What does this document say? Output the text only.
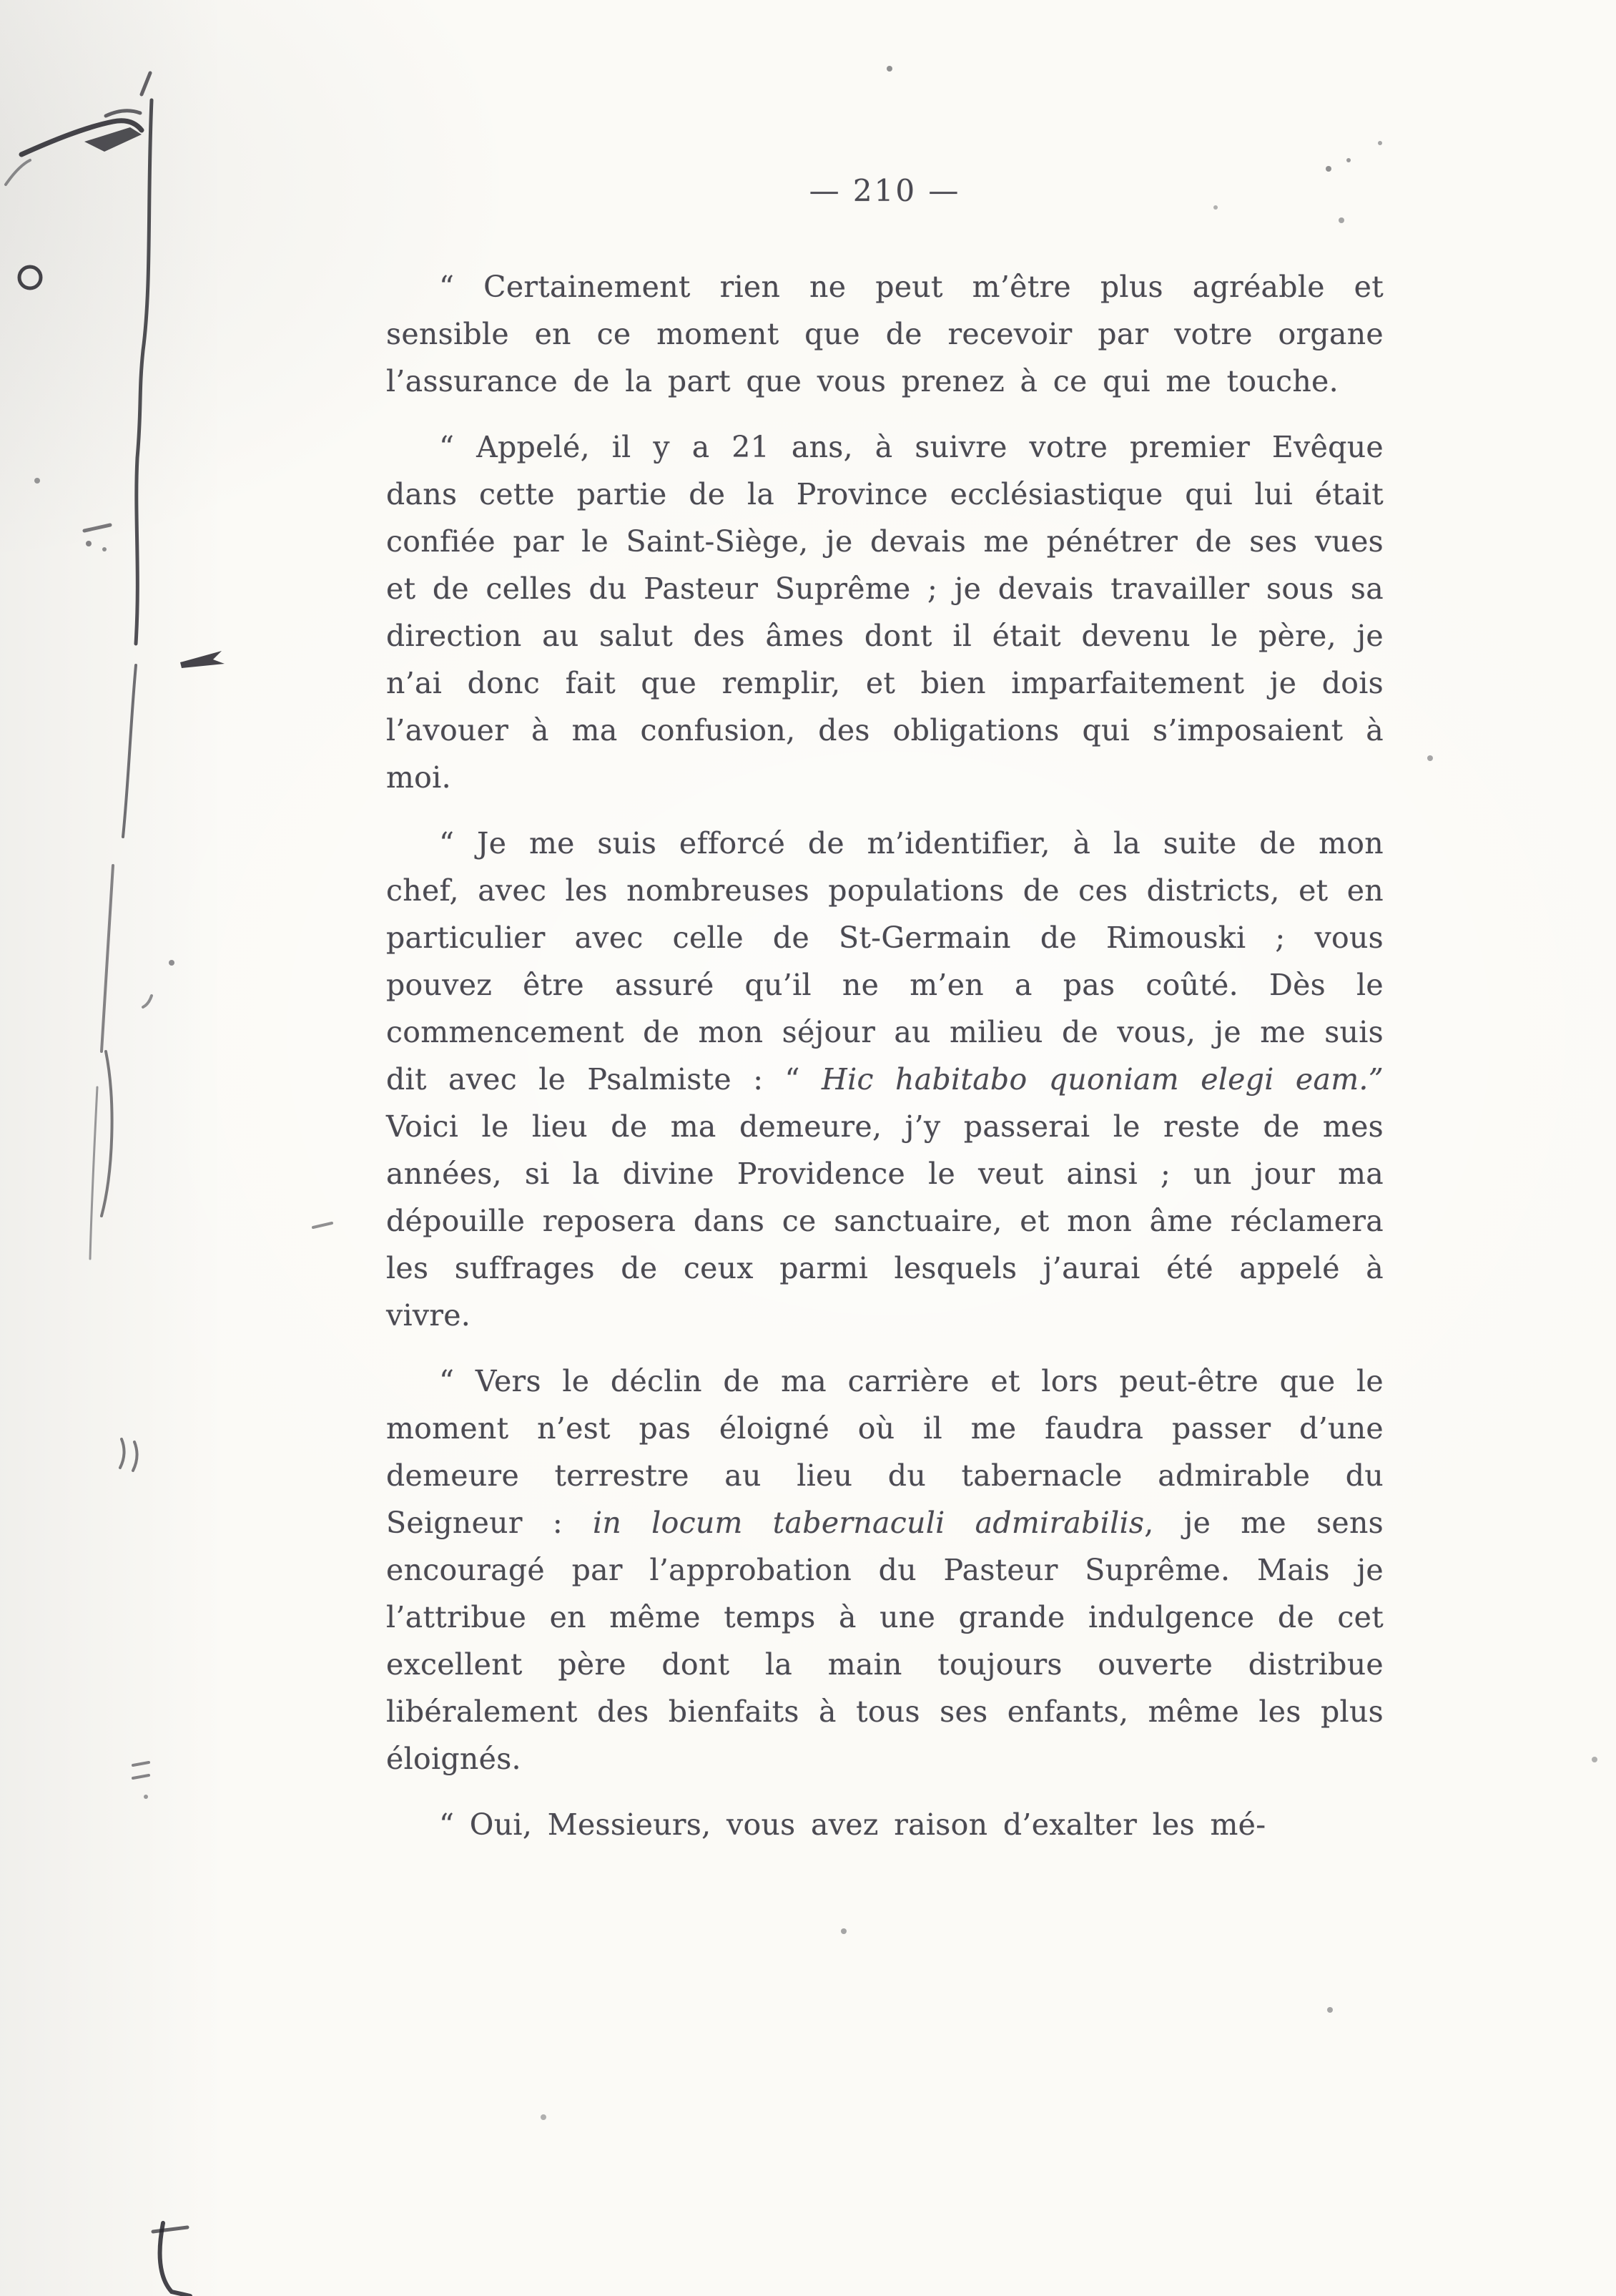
— 210 —

“ Certainement rien ne peut m’être plus agréable et sensible en ce moment que de recevoir par votre organe l’assurance de la part que vous prenez à ce qui me touche.

“ Appelé, il y a 21 ans, à suivre votre premier Evêque dans cette partie de la Province ecclésiastique qui lui était confiée par le Saint-Siège, je devais me pénétrer de ses vues et de celles du Pasteur Suprême ; je devais travailler sous sa direction au salut des âmes dont il était devenu le père, je n’ai donc fait que remplir, et bien imparfaitement je dois l’avouer à ma confusion, des obligations qui s’imposaient à moi.

“ Je me suis efforcé de m’identifier, à la suite de mon chef, avec les nombreuses populations de ces districts, et en particulier avec celle de St-Germain de Rimouski ; vous pouvez être assuré qu’il ne m’en a pas coûté. Dès le commencement de mon séjour au milieu de vous, je me suis dit avec le Psalmiste : “ Hic habitabo quoniam elegi eam.” Voici le lieu de ma demeure, j’y passerai le reste de mes années, si la divine Providence le veut ainsi ; un jour ma dépouille reposera dans ce sanctuaire, et mon âme réclamera les suffrages de ceux parmi lesquels j’aurai été appelé à vivre.

“ Vers le déclin de ma carrière et lors peut-être que le moment n’est pas éloigné où il me faudra passer d’une demeure terrestre au lieu du tabernacle admirable du Seigneur : in locum tabernaculi admirabilis, je me sens encouragé par l’approbation du Pasteur Suprême. Mais je l’attribue en même temps à une grande indulgence de cet excellent père dont la main toujours ouverte distribue libéralement des bienfaits à tous ses enfants, même les plus éloignés.

“ Oui, Messieurs, vous avez raison d’exalter les mé-
